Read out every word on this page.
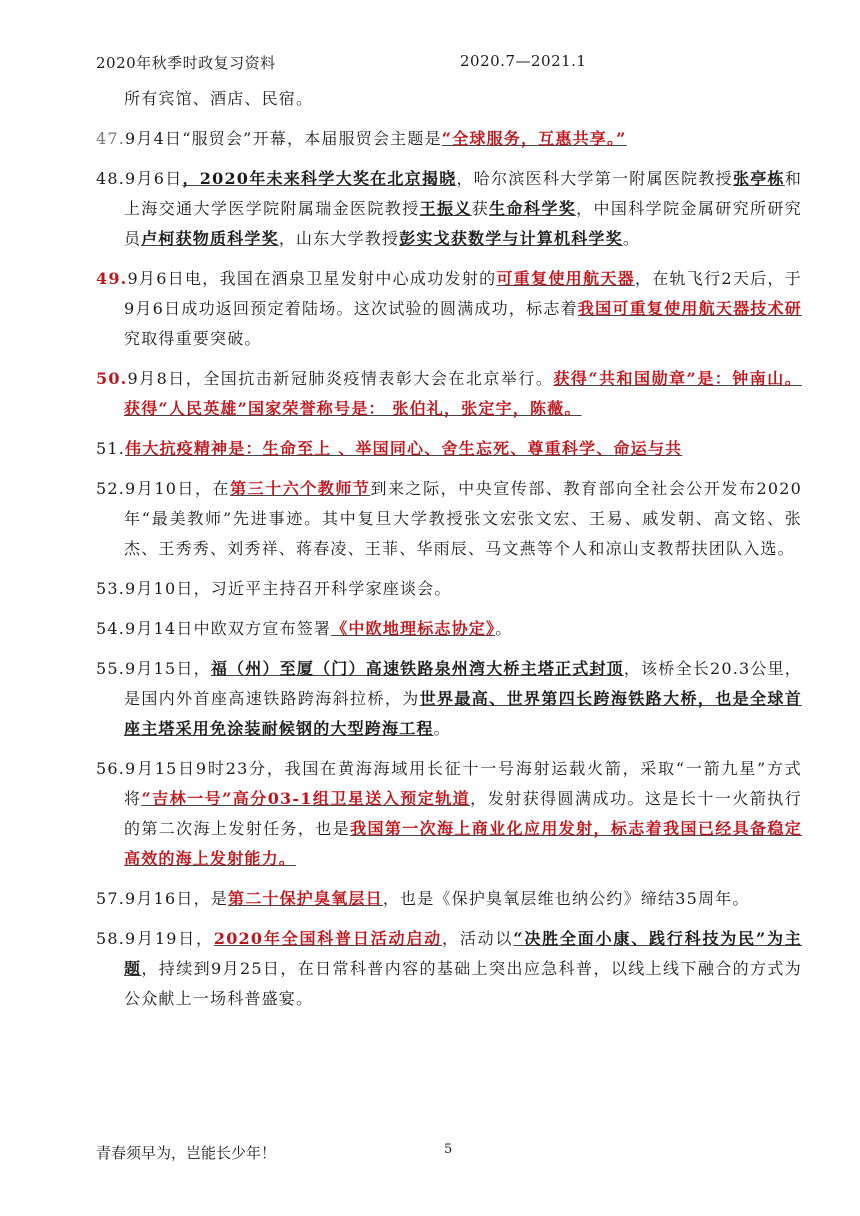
2020年秋季时政复习资料	2020.7—2021.1
所有宾馆、酒店、民宿。
47.9月4日“服贸会”开幕，本届服贸会主题是“全球服务，互惠共享。”
48.9月6日，2020年未来科学大奖在北京揭晓，哈尔滨医科大学第一附属医院教授张亭栋和上海交通大学医学院附属瑞金医院教授王振义获生命科学奖，中国科学院金属研究所研究员卢柯获物质科学奖，山东大学教授彭实戈获数学与计算机科学奖。
49.9月6日电，我国在酒泉卫星发射中心成功发射的可重复使用航天器，在轨飞行2天后，于9月6日成功返回预定着陆场。这次试验的圆满成功，标志着我国可重复使用航天器技术研究取得重要突破。
50.9月8日，全国抗击新冠肺炎疫情表彰大会在北京举行。获得“共和国勋章”是：钟南山。获得“人民英雄”国家荣誉称号是： 张伯礼，张定宇，陈薇。
51.伟大抗疫精神是：生命至上 、举国同心、舍生忘死、尊重科学、命运与共
52.9月10日，在第三十六个教师节到来之际，中央宣传部、教育部向全社会公开发布2020年“最美教师”先进事迹。其中复旦大学教授张文宏张文宏、王易、戚发朝、高文铭、张杰、王秀秀、刘秀祥、蒋春凌、王菲、华雨辰、马文燕等个人和凉山支教帮扶团队入选。
53.9月10日，习近平主持召开科学家座谈会。
54.9月14日中欧双方宣布签署《中欧地理标志协定》。
55.9月15日，福（州）至厦（门）高速铁路泉州湾大桥主塔正式封顶，该桥全长20.3公里，是国内外首座高速铁路跨海斜拉桥，为世界最高、世界第四长跨海铁路大桥，也是全球首座主塔采用免涂装耐候钢的大型跨海工程。
56.9月15日9时23分，我国在黄海海域用长征十一号海射运载火箭，采取“一箭九星”方式将“吉林一号”高分03-1组卫星送入预定轨道，发射获得圆满成功。这是长十一火箭执行的第二次海上发射任务，也是我国第一次海上商业化应用发射，标志着我国已经具备稳定高效的海上发射能力。
57.9月16日，是第二十保护臭氧层日，也是《保护臭氧层维也纳公约》缔结35周年。
58.9月19日，2020年全国科普日活动启动，活动以“决胜全面小康、践行科技为民”为主题，持续到9月25日，在日常科普内容的基础上突出应急科普，以线上线下融合的方式为公众献上一场科普盛宴。
青春须早为，岂能长少年！	5
